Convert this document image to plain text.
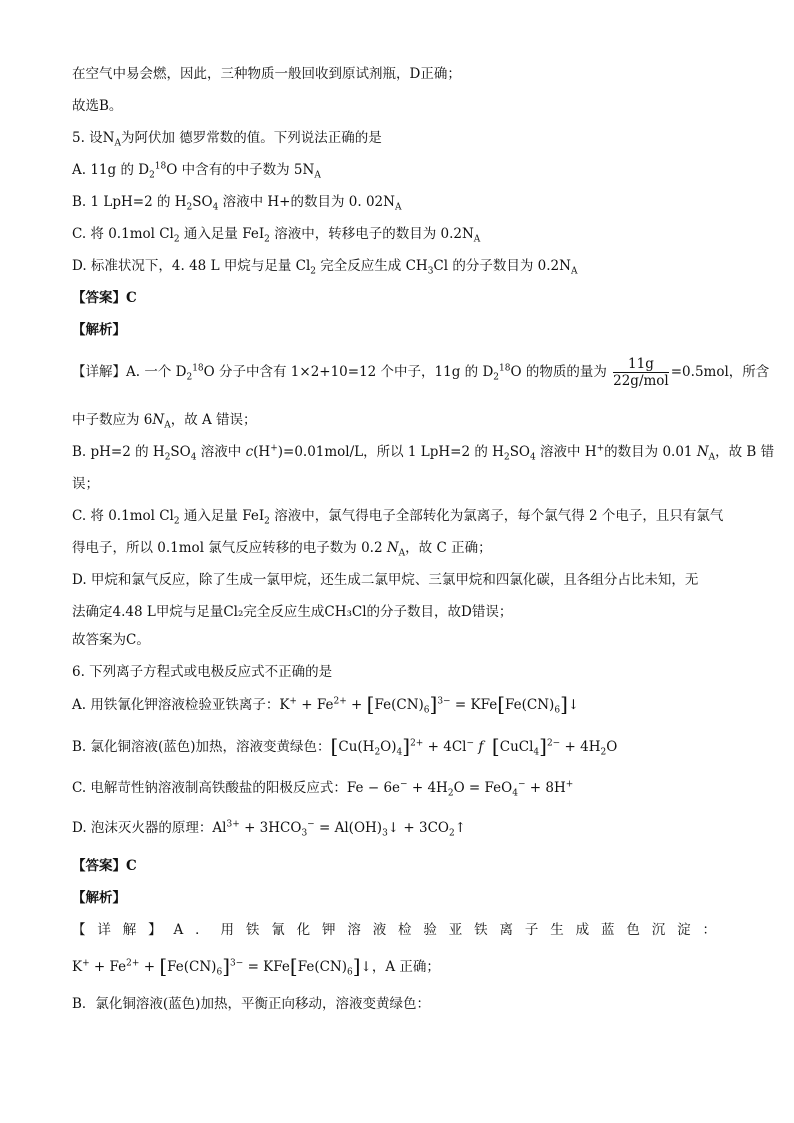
在空气中易会燃，因此，三种物质一般回收到原试剂瓶，D正确；
故选B。
5. 设$N_A$为阿伏加 德罗常数的值。下列说法正确的是
A. 11g 的 $D_2^{18}O$ 中含有的中子数为 $5N_A$
B. 1 LpH=2 的 $H_2SO_4$ 溶液中 H+的数目为 0. $02N_A$
C. 将 0.1mol $Cl_2$ 通入足量 FeI$_2$ 溶液中，转移电子的数目为 $0.2N_A$
D. 标准状况下，4. 48 L 甲烷与足量 $Cl_2$ 完全反应生成 $CH_3Cl$ 的分子数目为 $0.2N_A$
【答案】C
【解析】
【详解】A. 一个 $D_2^{18}O$ 分子中含有 1×2+10=12 个中子，11g 的 $D_2^{18}O$ 的物质的量为 $\frac{11g}{\text{22g/mol}} =0.5mol$，所含
中子数应为 $6N_A$，故 A 错误；
B. pH=2 的 $H_2SO_4$ 溶液中 c(H+)=0.01mol/L，所以 1 LpH=2 的 $H_2SO_4$ 溶液中 H+的数目为 0.01 $N_A$，故 B 错
误；
C. 将 0.1mol $Cl_2$ 通入足量 FeI$_2$ 溶液中，氯气得电子全部转化为氯离子，每个氯气得 2 个电子，且只有氯气
得电子，所以 0.1mol 氯气反应转移的电子数为 0.2 $N_A$，故 C 正确；
D. 甲烷和氯气反应，除了生成一氯甲烷，还生成二氯甲烷、三氯甲烷和四氯化碳，且各组分占比未知，无
法确定4.48 L甲烷与足量Cl₂完全反应生成CH₃Cl的分子数目，故D错误；
故答案为C。
6. 下列离子方程式或电极反应式不正确的是
A. 用铁氰化钾溶液检验亚铁离子：$K^+ + Fe^{2+} + [Fe(CN)_6]^{3-}$ = $KFe[Fe(CN)_6]↓$
B. 氯化铜溶液(蓝色)加热，溶液变黄绿色：$[Cu(H_2O)_4]^{2+} + 4Cl^-$ f [CuCl$_4$]$^{2-}$ + $4H_2O$
C. 电解苛性钠溶液制高铁酸盐的阳极反应式：$Fe - 6e^- + 4H_2O = FeO_4^- + 8H^+$
D. 泡沫灭火器的原理：$Al^{3+} + 3HCO_3^-$ = $Al(OH)_3↓$ + $3CO_2↑$
【答案】C
【解析】
【详解】A．用铁氰化钾溶液检验亚铁离子生成蓝色沉淀：
$K^+ + Fe^{2+} + [Fe(CN)_6]^{3-}$ = $KFe[Fe(CN)_6]↓$，A 正确；
B．氯化铜溶液(蓝色)加热，平衡正向移动，溶液变黄绿色：
